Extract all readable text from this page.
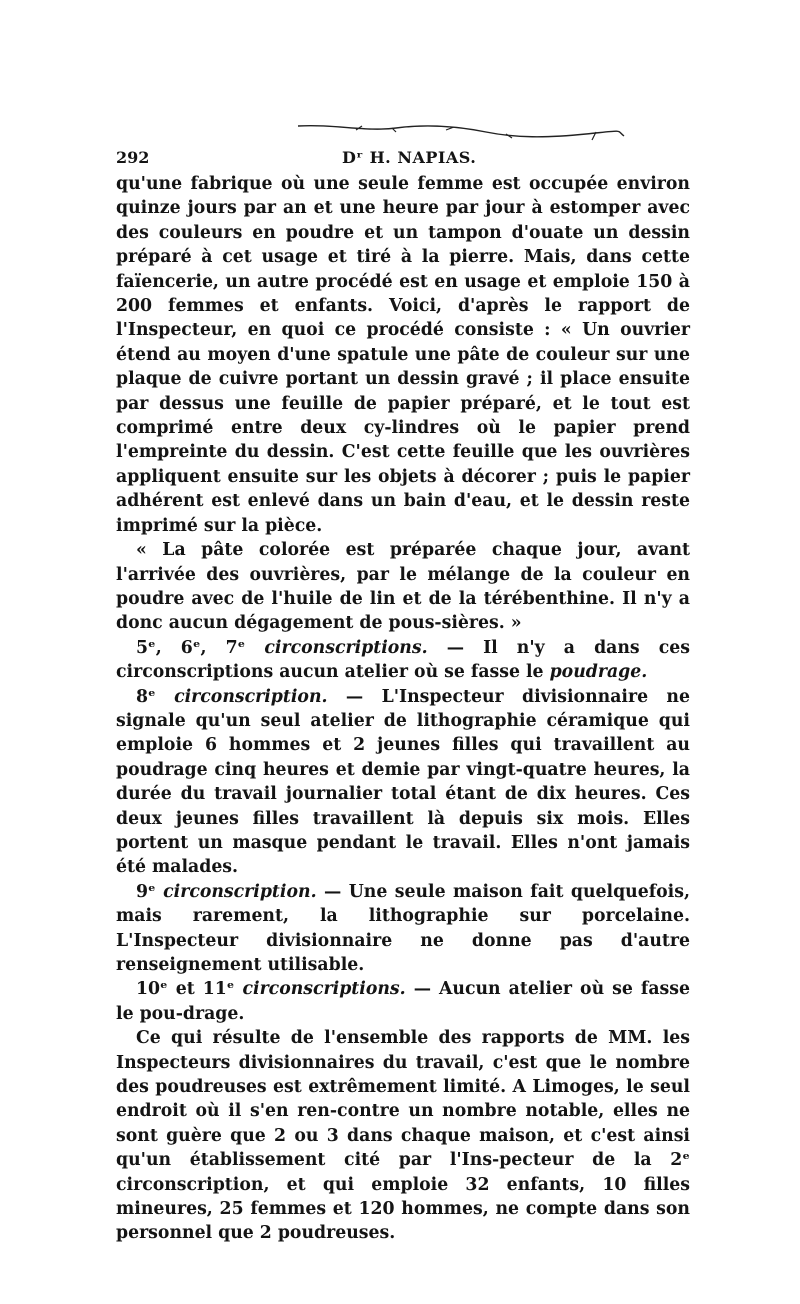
292	Dʳ H. NAPIAS.

qu'une fabrique où une seule femme est occupée environ quinze jours par an et une heure par jour à estomper avec des couleurs en poudre et un tampon d'ouate un dessin préparé à cet usage et tiré à la pierre. Mais, dans cette faïencerie, un autre procédé est en usage et emploie 150 à 200 femmes et enfants. Voici, d'après le rapport de l'Inspecteur, en quoi ce procédé consiste : « Un ouvrier étend au moyen d'une spatule une pâte de couleur sur une plaque de cuivre portant un dessin gravé ; il place ensuite par dessus une feuille de papier préparé, et le tout est comprimé entre deux cy-lindres où le papier prend l'empreinte du dessin. C'est cette feuille que les ouvrières appliquent ensuite sur les objets à décorer ; puis le papier adhérent est enlevé dans un bain d'eau, et le dessin reste imprimé sur la pièce.

« La pâte colorée est préparée chaque jour, avant l'arrivée des ouvrières, par le mélange de la couleur en poudre avec de l'huile de lin et de la térébenthine. Il n'y a donc aucun dégagement de pous-sières. »

5ᵉ, 6ᵉ, 7ᵉ circonscriptions. — Il n'y a dans ces circonscriptions aucun atelier où se fasse le poudrage.

8ᵉ circonscription. — L'Inspecteur divisionnaire ne signale qu'un seul atelier de lithographie céramique qui emploie 6 hommes et 2 jeunes filles qui travaillent au poudrage cinq heures et demie par vingt-quatre heures, la durée du travail journalier total étant de dix heures. Ces deux jeunes filles travaillent là depuis six mois. Elles portent un masque pendant le travail. Elles n'ont jamais été malades.

9ᵉ circonscription. — Une seule maison fait quelquefois, mais rarement, la lithographie sur porcelaine. L'Inspecteur divisionnaire ne donne pas d'autre renseignement utilisable.

10ᵉ et 11ᵉ circonscriptions. — Aucun atelier où se fasse le pou-drage.

Ce qui résulte de l'ensemble des rapports de MM. les Inspecteurs divisionnaires du travail, c'est que le nombre des poudreuses est extrêmement limité. A Limoges, le seul endroit où il s'en ren-contre un nombre notable, elles ne sont guère que 2 ou 3 dans chaque maison, et c'est ainsi qu'un établissement cité par l'Ins-pecteur de la 2ᵉ circonscription, et qui emploie 32 enfants, 10 filles mineures, 25 femmes et 120 hommes, ne compte dans son personnel que 2 poudreuses.
